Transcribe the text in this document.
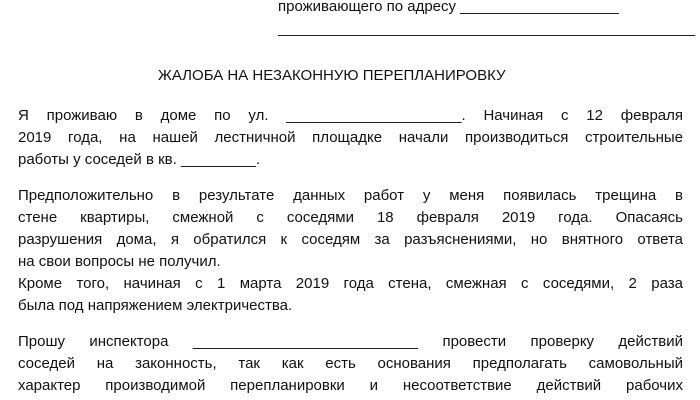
проживающего по адресу ___________________
__________________________________________________
ЖАЛОБА НА НЕЗАКОННУЮ ПЕРЕПЛАНИРОВКУ
Я проживаю в доме по ул. _____________________. Начиная с 12 февраля
2019 года, на нашей лестничной площадке начали производиться строительные
работы у соседей в кв. _________.
Предположительно в результате данных работ у меня появилась трещина в
стене квартиры, смежной с соседями 18 февраля 2019 года. Опасаясь
разрушения дома, я обратился к соседям за разъяснениями, но внятного ответа
на свои вопросы не получил.
Кроме того, начиная с 1 марта 2019 года стена, смежная с соседями, 2 раза
была под напряжением электричества.
Прошу инспектора ___________________________ провести проверку действий
соседей на законность, так как есть основания предполагать самовольный
характер производимой перепланировки и несоответствие действий рабочих
